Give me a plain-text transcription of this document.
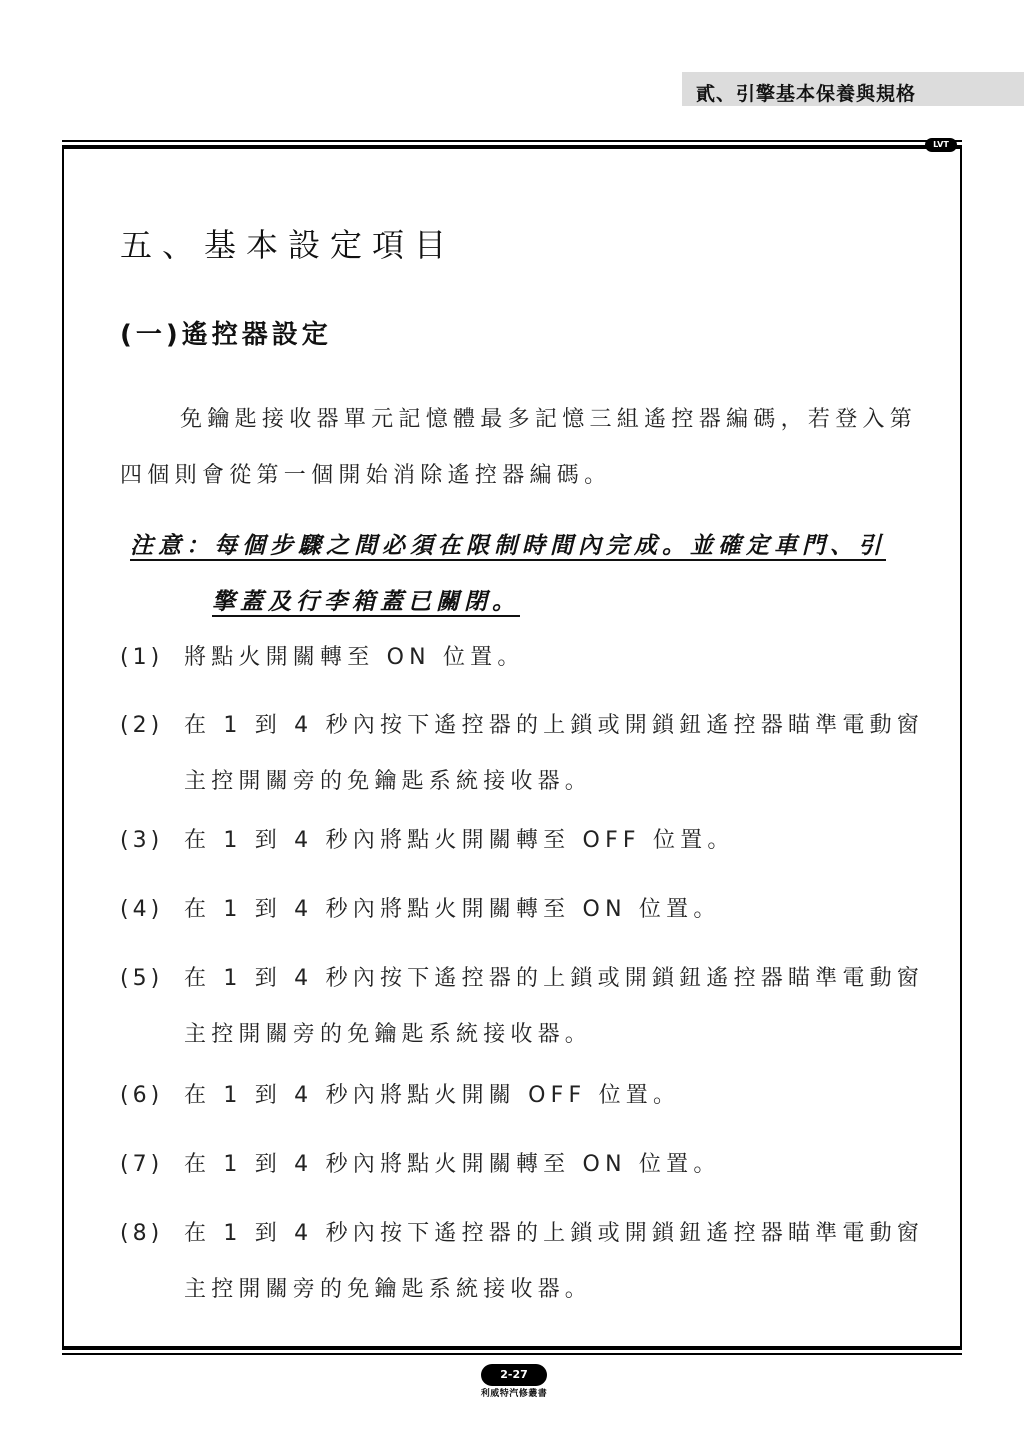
貳、引擎基本保養與規格
LVT
五、基本設定項目
(一)遙控器設定
免鑰匙接收器單元記憶體最多記憶三組遙控器編碼，若登入第四個則會從第一個開始消除遙控器編碼。
注意：每個步驟之間必須在限制時間內完成。並確定車門、引
擎蓋及行李箱蓋已關閉。
(1) 將點火開關轉至 ON 位置。
(2) 在 1 到 4 秒內按下遙控器的上鎖或開鎖鈕遙控器瞄準電動窗主控開關旁的免鑰匙系統接收器。
(3) 在 1 到 4 秒內將點火開關轉至 OFF 位置。
(4) 在 1 到 4 秒內將點火開關轉至 ON 位置。
(5) 在 1 到 4 秒內按下遙控器的上鎖或開鎖鈕遙控器瞄準電動窗主控開關旁的免鑰匙系統接收器。
(6) 在 1 到 4 秒內將點火開關 OFF 位置。
(7) 在 1 到 4 秒內將點火開關轉至 ON 位置。
(8) 在 1 到 4 秒內按下遙控器的上鎖或開鎖鈕遙控器瞄準電動窗主控開關旁的免鑰匙系統接收器。
2-27
利威特汽修叢書
